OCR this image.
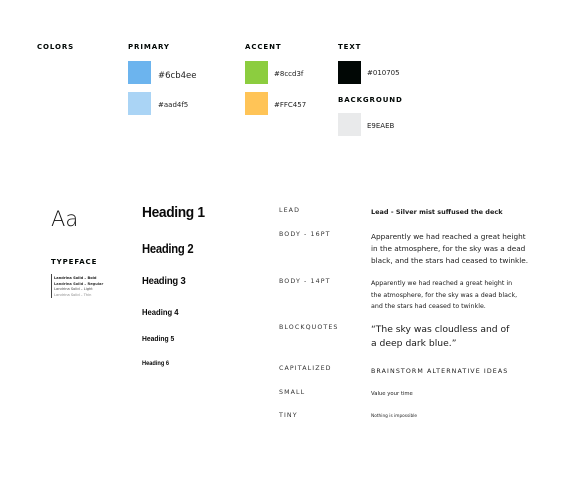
COLORS	PRIMARY
#6cb4ee
#aad4f5
ACCENT
#8ccd3f
#FFC457
TEXT
#010705
BACKGROUND
E9EAEB
Aa
TYPEFACE
Landrina Solid – Bold
Landrina Solid – Regular
Landrina Solid – Light
Landrina Solid – Thin
Heading 1
Heading 2
Heading 3
Heading 4
Heading 5
Heading 6
LEAD	Lead - Silver mist suffused the deck
BODY - 16PT	Apparently we had reached a great height in the atmosphere, for the sky was a dead black, and the stars had ceased to twinkle.
BODY - 14PT	Apparently we had reached a great height in the atmosphere, for the sky was a dead black, and the stars had ceased to twinkle.
BLOCKQUOTES	“The sky was cloudless and of a deep dark blue.”
CAPITALIZED	BRAINSTORM ALTERNATIVE IDEAS
SMALL	Value your time
TINY	Nothing is impossible
